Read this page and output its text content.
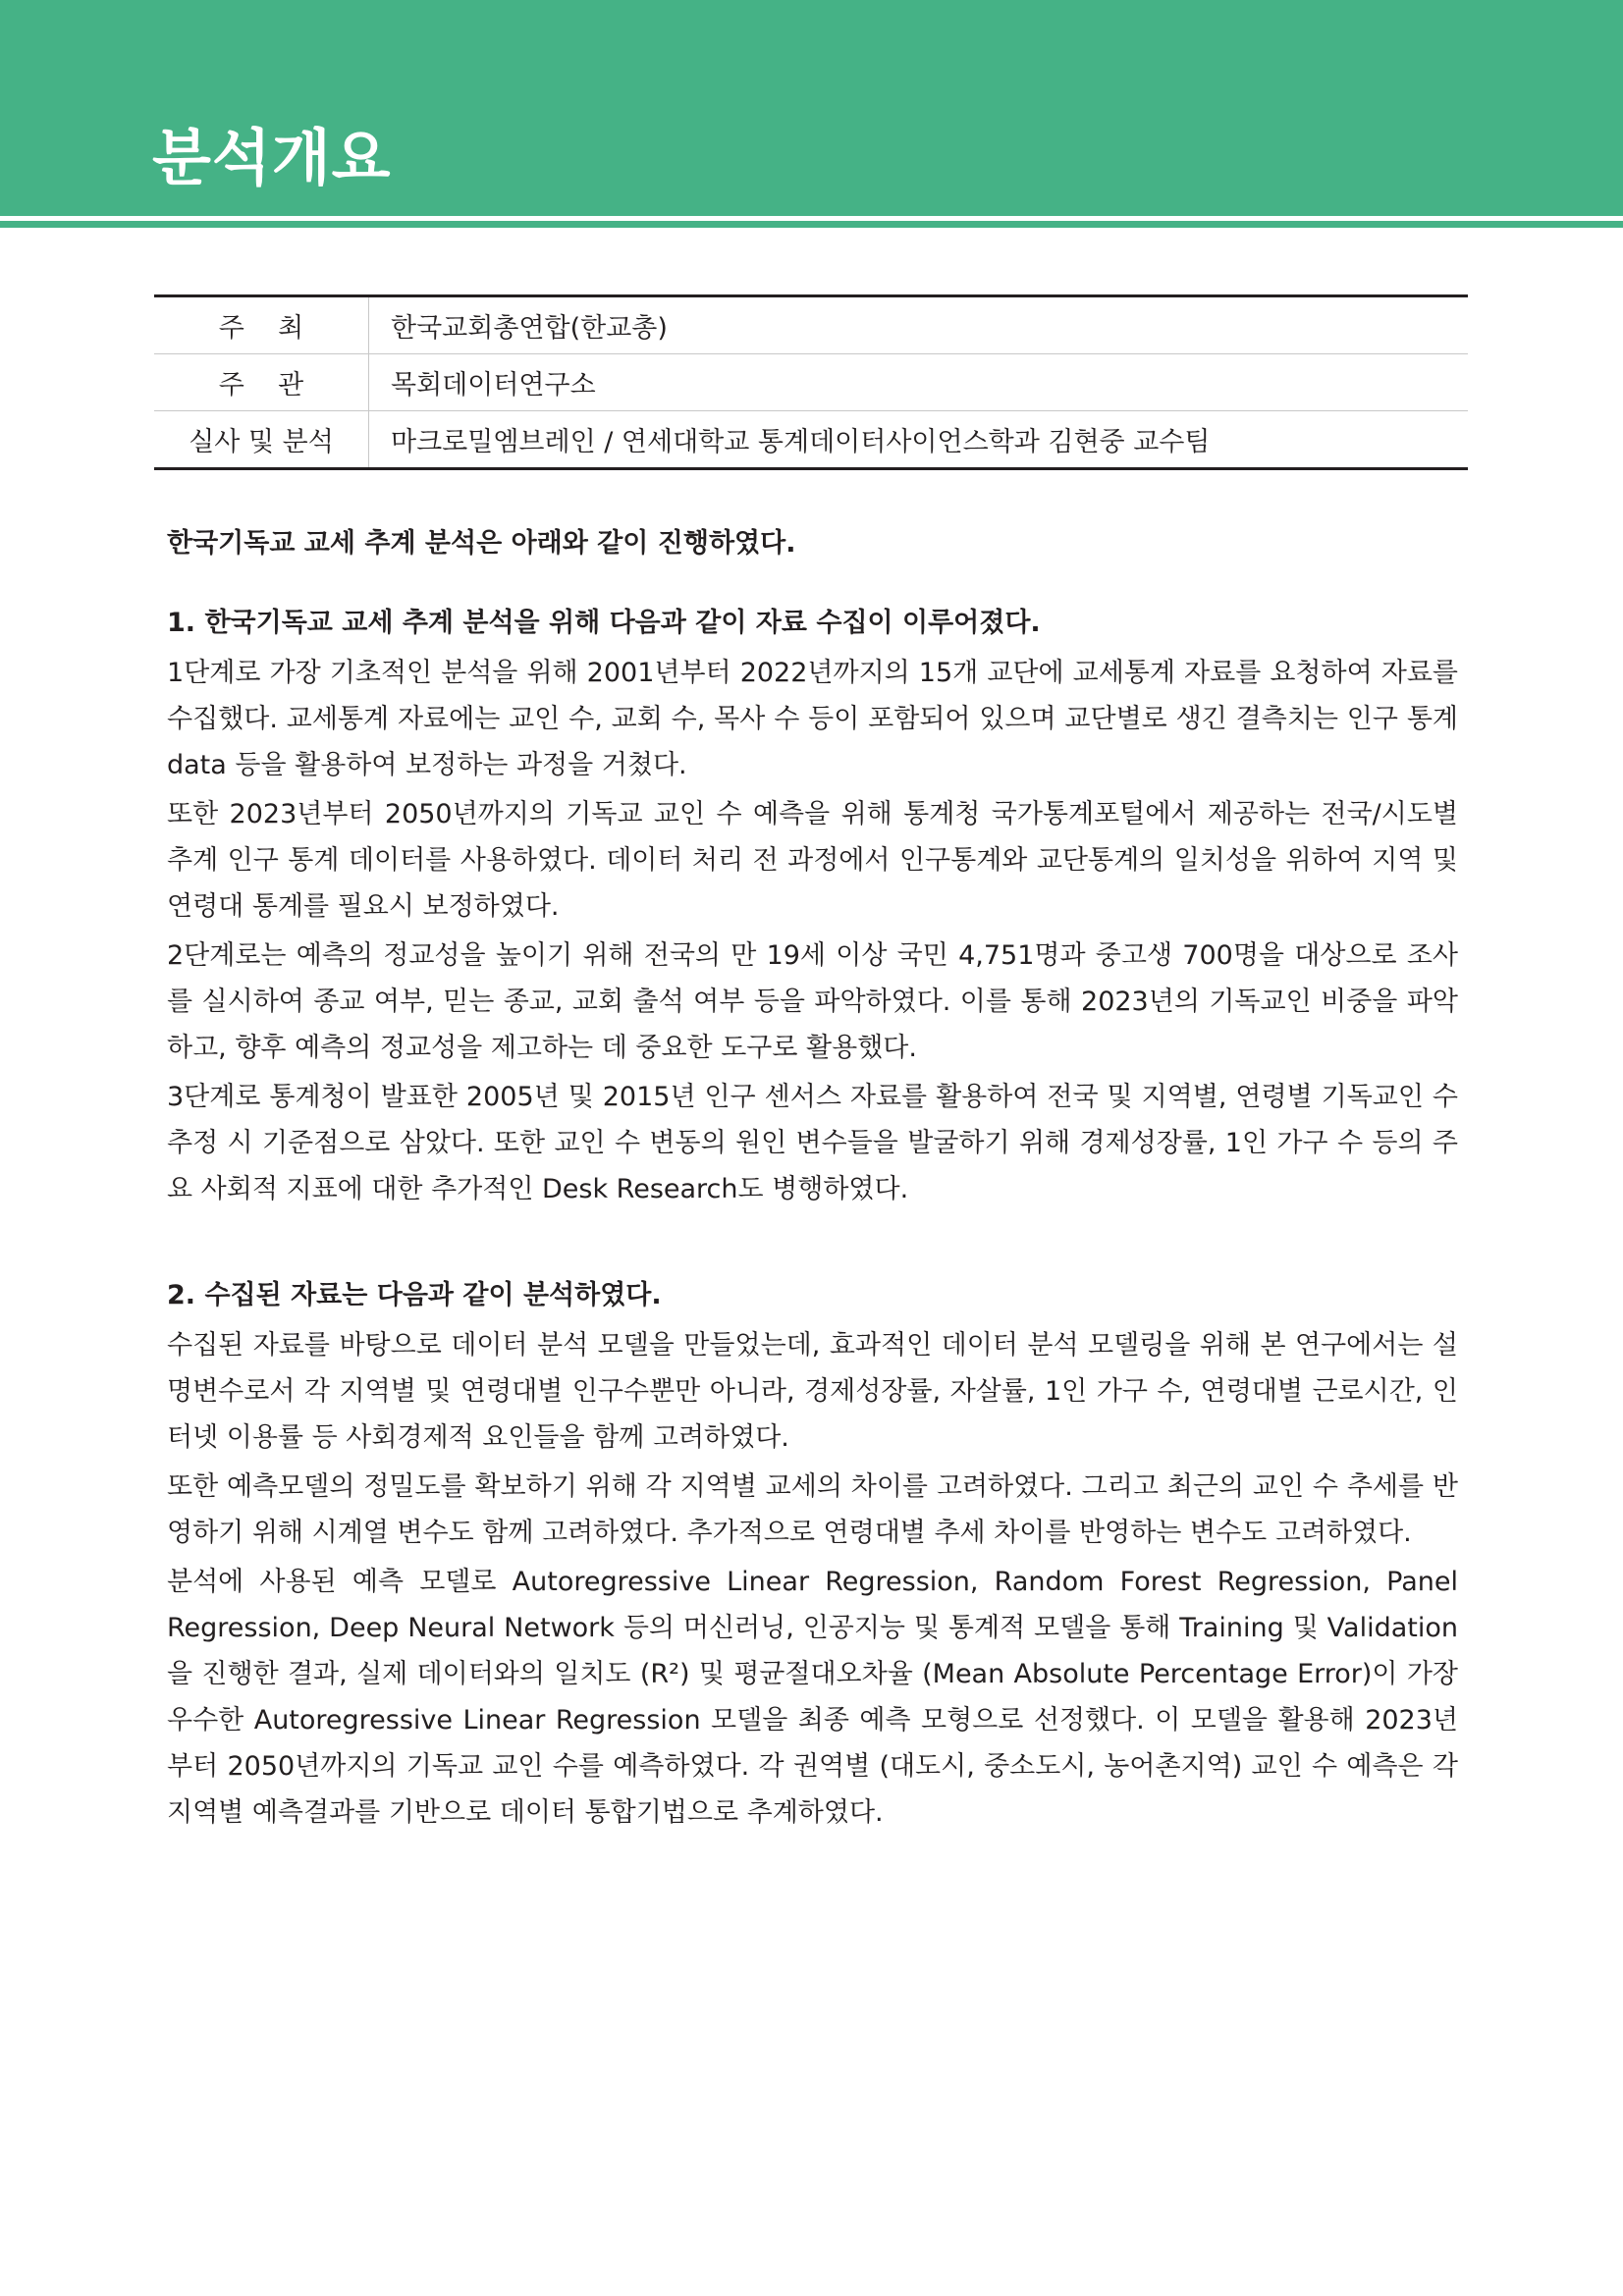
분석개요
주    최	한국교회총연합(한교총)
주    관	목회데이터연구소
실사 및 분석	마크로밀엠브레인 / 연세대학교 통계데이터사이언스학과 김현중 교수팀

한국기독교 교세 추계 분석은 아래와 같이 진행하였다.

1. 한국기독교 교세 추계 분석을 위해 다음과 같이 자료 수집이 이루어졌다.

1단계로 가장 기초적인 분석을 위해 2001년부터 2022년까지의 15개 교단에 교세통계 자료를 요청하여 자료를 수집했다. 교세통계 자료에는 교인 수, 교회 수, 목사 수 등이 포함되어 있으며 교단별로 생긴 결측치는 인구 통계 data 등을 활용하여 보정하는 과정을 거쳤다.

또한 2023년부터 2050년까지의 기독교 교인 수 예측을 위해 통계청 국가통계포털에서 제공하는 전국/시도별 추계 인구 통계 데이터를 사용하였다. 데이터 처리 전 과정에서 인구통계와 교단통계의 일치성을 위하여 지역 및 연령대 통계를 필요시 보정하였다.

2단계로는 예측의 정교성을 높이기 위해 전국의 만 19세 이상 국민 4,751명과 중고생 700명을 대상으로 조사를 실시하여 종교 여부, 믿는 종교, 교회 출석 여부 등을 파악하였다. 이를 통해 2023년의 기독교인 비중을 파악하고, 향후 예측의 정교성을 제고하는 데 중요한 도구로 활용했다.

3단계로 통계청이 발표한 2005년 및 2015년 인구 센서스 자료를 활용하여 전국 및 지역별, 연령별 기독교인 수 추정 시 기준점으로 삼았다. 또한 교인 수 변동의 원인 변수들을 발굴하기 위해 경제성장률, 1인 가구 수 등의 주요 사회적 지표에 대한 추가적인 Desk Research도 병행하였다.

2. 수집된 자료는 다음과 같이 분석하였다.

수집된 자료를 바탕으로 데이터 분석 모델을 만들었는데, 효과적인 데이터 분석 모델링을 위해 본 연구에서는 설명변수로서 각 지역별 및 연령대별 인구수뿐만 아니라, 경제성장률, 자살률, 1인 가구 수, 연령대별 근로시간, 인터넷 이용률 등 사회경제적 요인들을 함께 고려하였다.

또한 예측모델의 정밀도를 확보하기 위해 각 지역별 교세의 차이를 고려하였다. 그리고 최근의 교인 수 추세를 반영하기 위해 시계열 변수도 함께 고려하였다. 추가적으로 연령대별 추세 차이를 반영하는 변수도 고려하였다.

분석에 사용된 예측 모델로 Autoregressive Linear Regression, Random Forest Regression, Panel Regression, Deep Neural Network 등의 머신러닝, 인공지능 및 통계적 모델을 통해 Training 및 Validation을 진행한 결과, 실제 데이터와의 일치도 (R²) 및 평균절대오차율 (Mean Absolute Percentage Error)이 가장 우수한 Autoregressive Linear Regression 모델을 최종 예측 모형으로 선정했다. 이 모델을 활용해 2023년부터 2050년까지의 기독교 교인 수를 예측하였다. 각 권역별 (대도시, 중소도시, 농어촌지역) 교인 수 예측은 각 지역별 예측결과를 기반으로 데이터 통합기법으로 추계하였다.
